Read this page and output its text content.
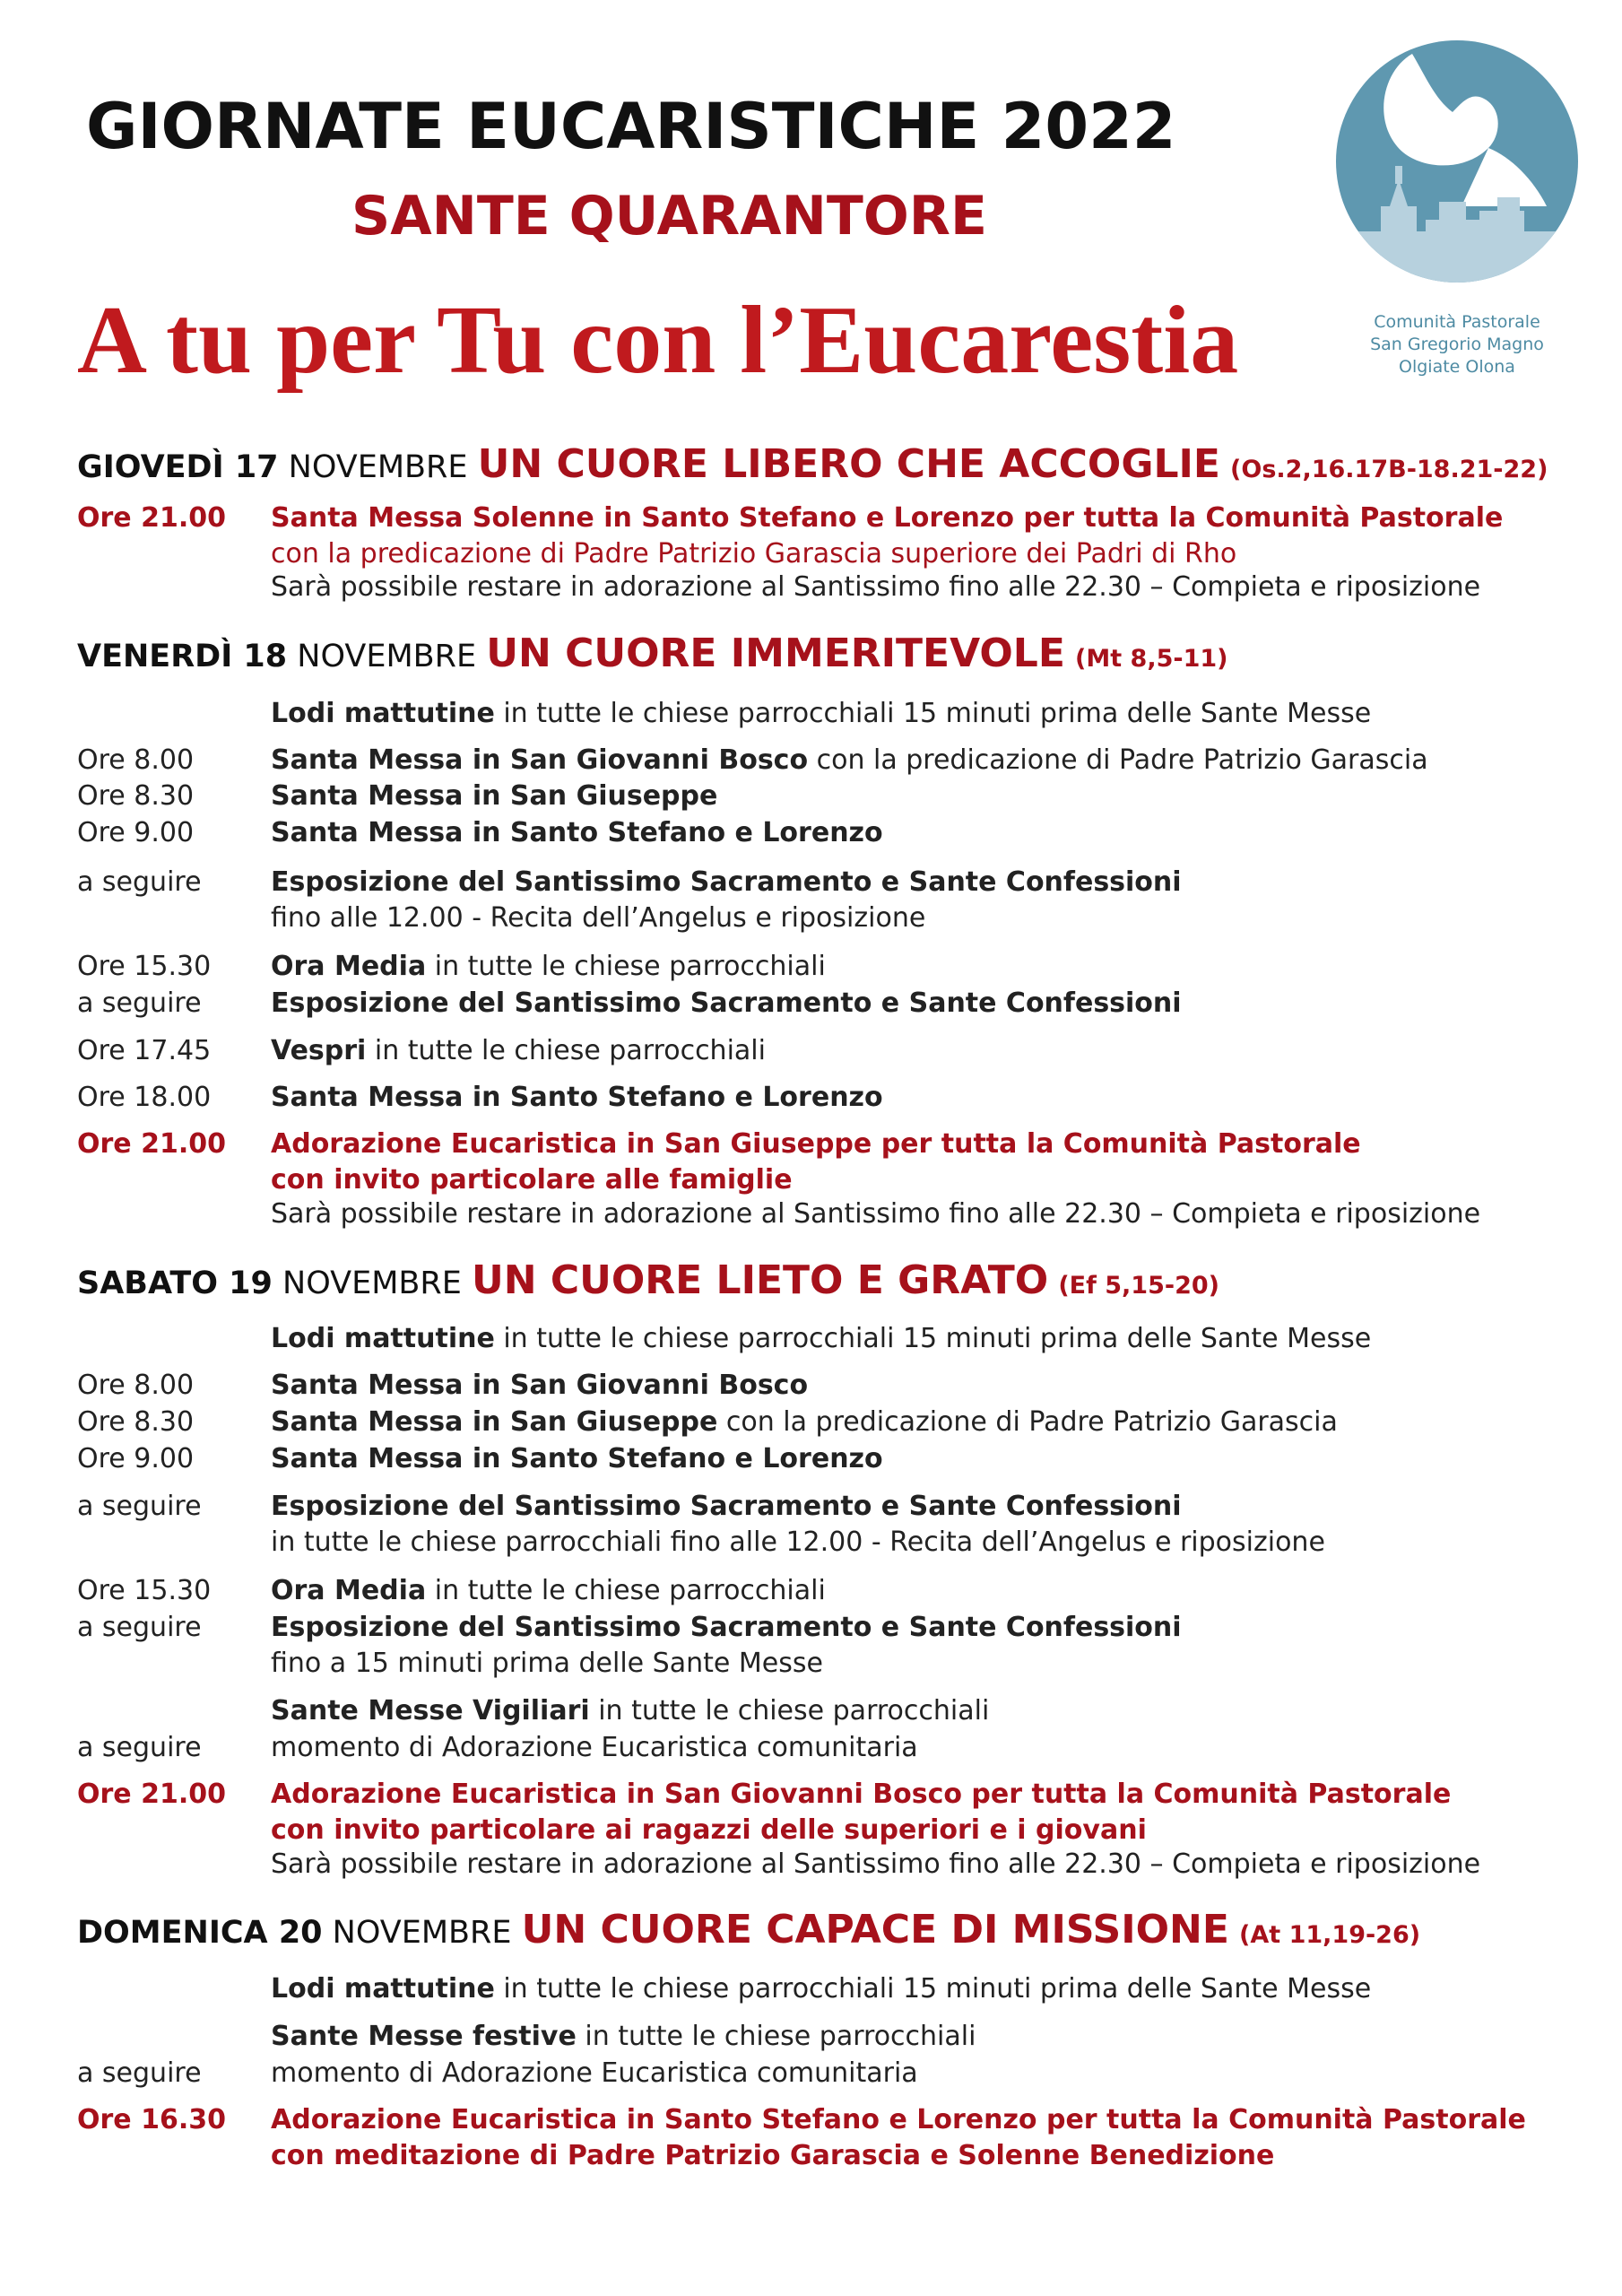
GIORNATE EUCARISTICHE 2022
SANTE QUARANTORE
A tu per Tu con l’Eucarestia	Comunità Pastorale
San Gregorio Magno
Olgiate Olona
GIOVEDÌ 17 NOVEMBRE UN CUORE LIBERO CHE ACCOGLIE (Os.2,16.17B-18.21-22)
Ore 21.00 Santa Messa Solenne in Santo Stefano e Lorenzo per tutta la Comunità Pastorale
con la predicazione di Padre Patrizio Garascia superiore dei Padri di Rho
Sarà possibile restare in adorazione al Santissimo fino alle 22.30 – Compieta e riposizione
VENERDÌ 18 NOVEMBRE UN CUORE IMMERITEVOLE (Mt 8,5-11)
Lodi mattutine in tutte le chiese parrocchiali 15 minuti prima delle Sante Messe
Ore 8.00	Santa Messa in San Giovanni Bosco con la predicazione di Padre Patrizio Garascia
Ore 8.30	Santa Messa in San Giuseppe
Ore 9.00	Santa Messa in Santo Stefano e Lorenzo
a seguire	Esposizione del Santissimo Sacramento e Sante Confessioni
fino alle 12.00 - Recita dell’Angelus e riposizione
Ore 15.30 Ora Media in tutte le chiese parrocchiali
a seguire	Esposizione del Santissimo Sacramento e Sante Confessioni
Ore 17.45 Vespri in tutte le chiese parrocchiali
Ore 18.00 Santa Messa in Santo Stefano e Lorenzo
Ore 21.00 Adorazione Eucaristica in San Giuseppe per tutta la Comunità Pastorale
con invito particolare alle famiglie
Sarà possibile restare in adorazione al Santissimo fino alle 22.30 – Compieta e riposizione
SABATO 19 NOVEMBRE UN CUORE LIETO E GRATO (Ef 5,15-20)
Lodi mattutine in tutte le chiese parrocchiali 15 minuti prima delle Sante Messe
Ore 8.00	Santa Messa in San Giovanni Bosco
Ore 8.30	Santa Messa in San Giuseppe con la predicazione di Padre Patrizio Garascia
Ore 9.00	Santa Messa in Santo Stefano e Lorenzo
a seguire	Esposizione del Santissimo Sacramento e Sante Confessioni
in tutte le chiese parrocchiali fino alle 12.00 - Recita dell’Angelus e riposizione
Ore 15.30 Ora Media in tutte le chiese parrocchiali
a seguire	Esposizione del Santissimo Sacramento e Sante Confessioni
fino a 15 minuti prima delle Sante Messe
Sante Messe Vigiliari in tutte le chiese parrocchiali
a seguire	momento di Adorazione Eucaristica comunitaria
Ore 21.00 Adorazione Eucaristica in San Giovanni Bosco per tutta la Comunità Pastorale
con invito particolare ai ragazzi delle superiori e i giovani
Sarà possibile restare in adorazione al Santissimo fino alle 22.30 – Compieta e riposizione
DOMENICA 20 NOVEMBRE UN CUORE CAPACE DI MISSIONE (At 11,19-26)
Lodi mattutine in tutte le chiese parrocchiali 15 minuti prima delle Sante Messe
Sante Messe festive in tutte le chiese parrocchiali
a seguire	momento di Adorazione Eucaristica comunitaria
Ore 16.30 Adorazione Eucaristica in Santo Stefano e Lorenzo per tutta la Comunità Pastorale
con meditazione di Padre Patrizio Garascia e Solenne Benedizione
